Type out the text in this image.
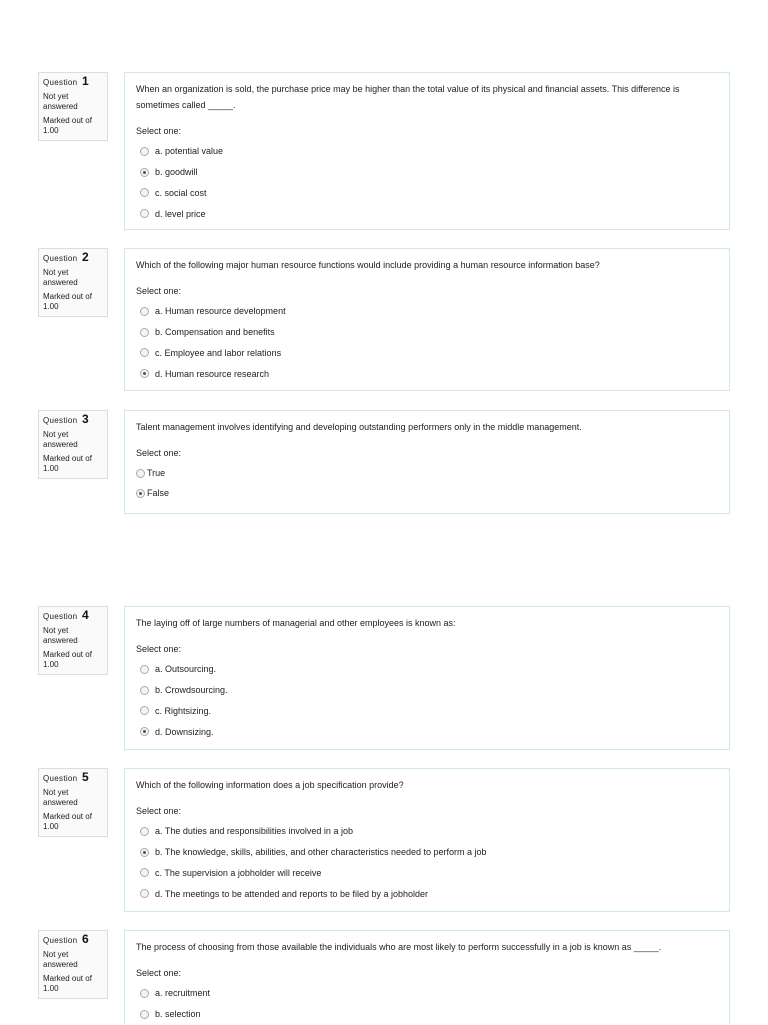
Question 1
Not yet answered
Marked out of 1.00

When an organization is sold, the purchase price may be higher than the total value of its physical and financial assets. This difference is sometimes called _____.

Select one:
a. potential value
b. goodwill
c. social cost
d. level price
Question 2
Not yet answered
Marked out of 1.00

Which of the following major human resource functions would include providing a human resource information base?

Select one:
a. Human resource development
b. Compensation and benefits
c. Employee and labor relations
d. Human resource research
Question 3
Not yet answered
Marked out of 1.00

Talent management involves identifying and developing outstanding performers only in the middle management.

Select one:
True
False
Question 4
Not yet answered
Marked out of 1.00

The laying off of large numbers of managerial and other employees is known as:

Select one:
a. Outsourcing.
b. Crowdsourcing.
c. Rightsizing.
d. Downsizing.
Question 5
Not yet answered
Marked out of 1.00

Which of the following information does a job specification provide?

Select one:
a. The duties and responsibilities involved in a job
b. The knowledge, skills, abilities, and other characteristics needed to perform a job
c. The supervision a jobholder will receive
d. The meetings to be attended and reports to be filed by a jobholder
Question 6
Not yet answered
Marked out of 1.00

The process of choosing from those available the individuals who are most likely to perform successfully in a job is known as _____.

Select one:
a. recruitment
b. selection
